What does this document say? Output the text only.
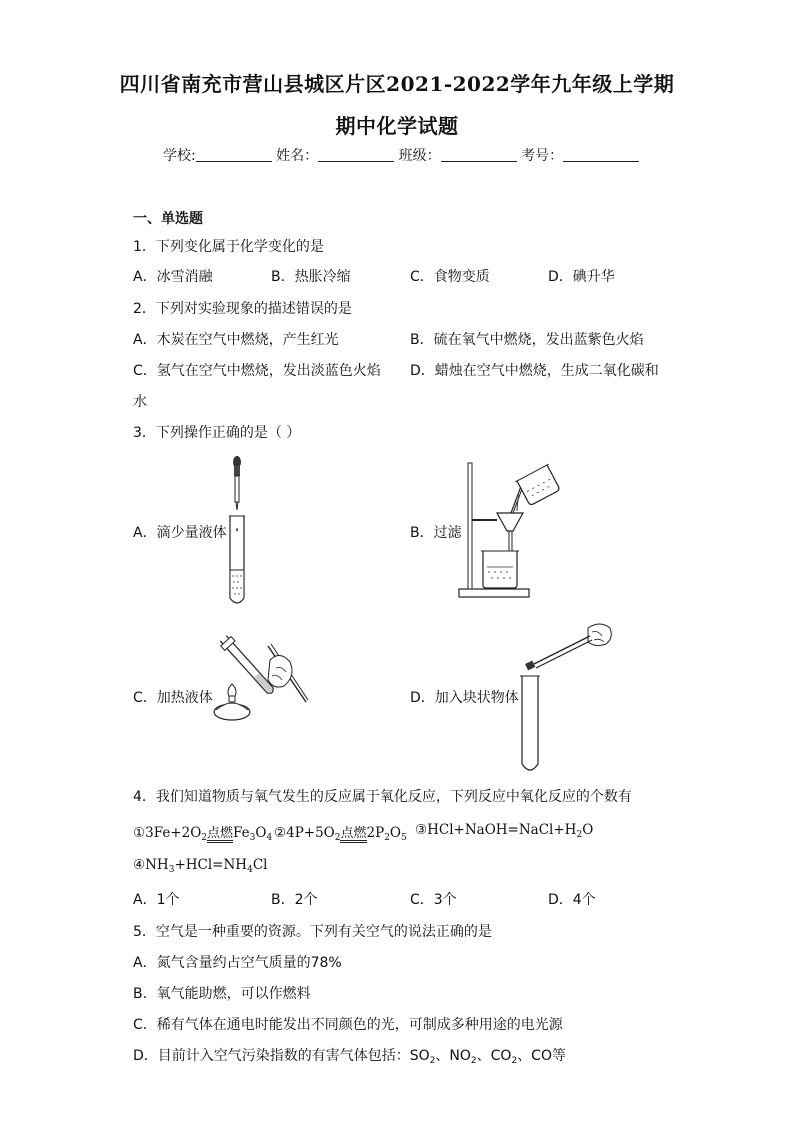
四川省南充市营山县城区片区2021-2022学年九年级上学期
期中化学试题
学校:	姓名：	班级：	考号：
一、单选题
1．下列变化属于化学变化的是
A．冰雪消融	B．热胀冷缩	C．食物变质	D．碘升华
2．下列对实验现象的描述错误的是
A．木炭在空气中燃烧，产生红光	B．硫在氧气中燃烧，发出蓝紫色火焰
C．氢气在空气中燃烧，发出淡蓝色火焰 D．蜡烛在空气中燃烧，生成二氧化碳和
水
3．下列操作正确的是（ ）
A．滴少量液体	B．过滤
C．加热液体	D．加入块状物体
4．我们知道物质与氧气发生的反应属于氧化反应，下列反应中氧化反应的个数有
$①3Fe+2O_2$点燃
$Fe_3O_4$ $②4P+5O_2$点燃
$2P_2O_5$ $③HCl+NaOH=NaCl+H_2O$
$④NH_3+HCl=NH_4Cl$
A．1个	B．2个	C．3个	D．4个
5．空气是一种重要的资源。下列有关空气的说法正确的是
A．氮气含量约占空气质量的78%
B．氧气能助燃，可以作燃料
C．稀有气体在通电时能发出不同颜色的光，可制成多种用途的电光源
D．目前计入空气污染指数的有害气体包括：$SO_2$、$NO_2$、$CO_2$、CO等
